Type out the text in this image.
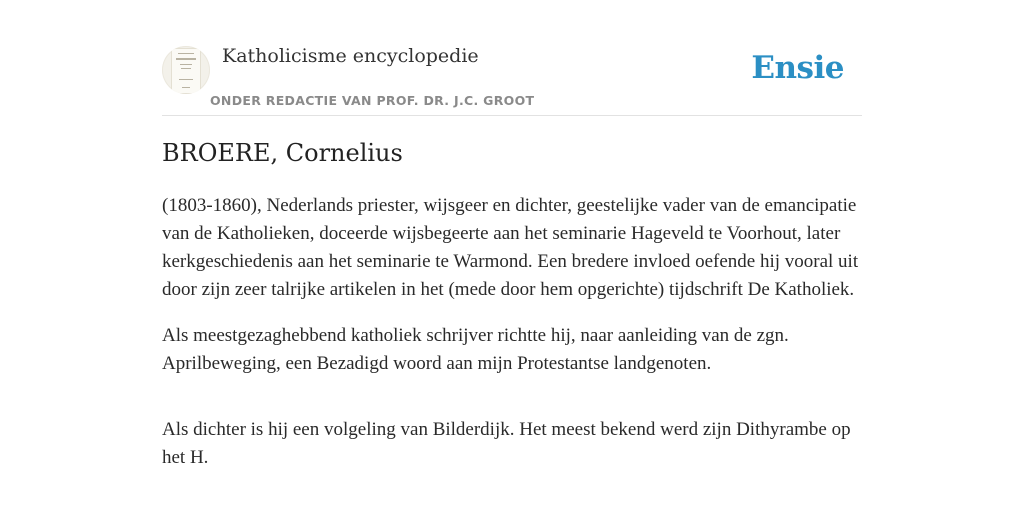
Katholicisme encyclopedie
ONDER REDACTIE VAN PROF. DR. J.C. GROOT
Ensie
BROERE, Cornelius

(1803-1860), Nederlands priester, wijsgeer en dichter, geestelijke vader van de emancipatie van de Katholieken, doceerde wijsbegeerte aan het seminarie Hageveld te Voorhout, later kerkgeschiedenis aan het seminarie te Warmond. Een bredere invloed oefende hij vooral uit door zijn zeer talrijke artikelen in het (mede door hem opgerichte) tijdschrift De Katholiek.

Als meestgezaghebbend katholiek schrijver richtte hij, naar aanleiding van de zgn. Aprilbeweging, een Bezadigd woord aan mijn Protestantse landgenoten.

Als dichter is hij een volgeling van Bilderdijk. Het meest bekend werd zijn Dithyrambe op het H.
